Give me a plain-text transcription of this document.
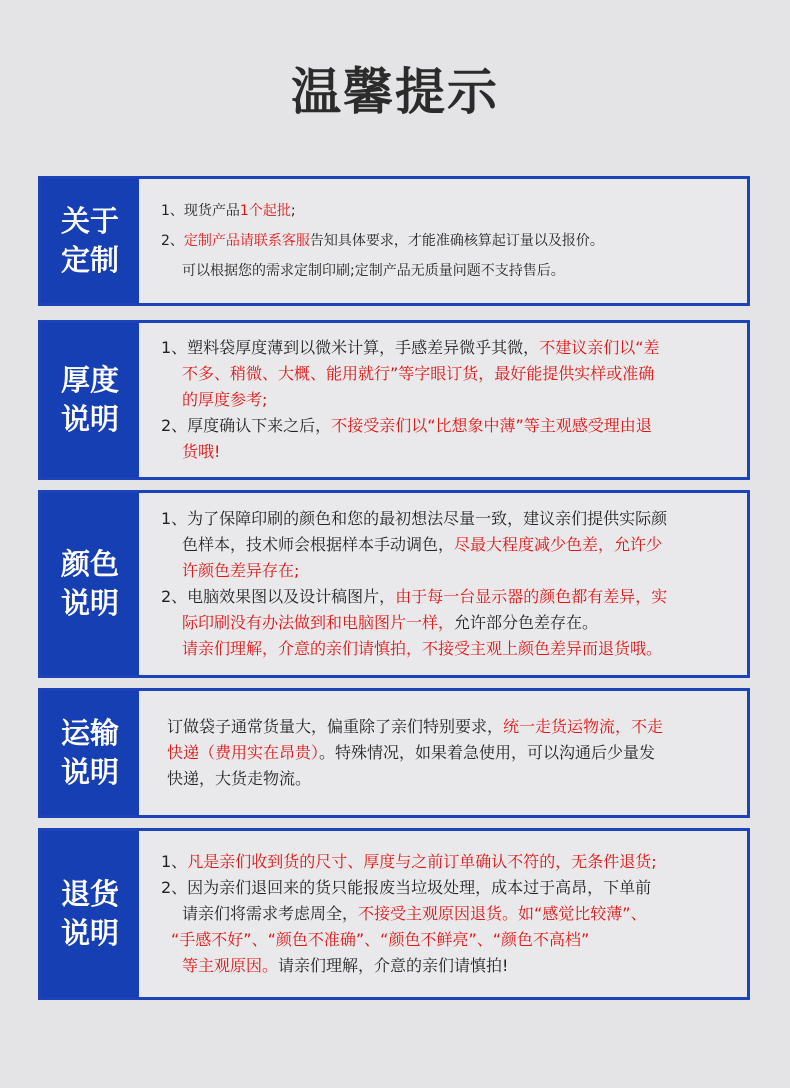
温馨提示
关于
定制
1、现货产品1个起批;
2、定制产品请联系客服告知具体要求，才能准确核算起订量以及报价。
可以根据您的需求定制印刷;定制产品无质量问题不支持售后。
厚度
说明
1、塑料袋厚度薄到以微米计算，手感差异微乎其微，不建议亲们以“差
不多、稍微、大概、能用就行”等字眼订货，最好能提供实样或准确
的厚度参考;
2、厚度确认下来之后，不接受亲们以“比想象中薄”等主观感受理由退
货哦!
颜色
说明
1、为了保障印刷的颜色和您的最初想法尽量一致，建议亲们提供实际颜
色样本，技术师会根据样本手动调色，尽最大程度减少色差，允许少
许颜色差异存在;
2、电脑效果图以及设计稿图片，由于每一台显示器的颜色都有差异，实
际印刷没有办法做到和电脑图片一样，允许部分色差存在。
请亲们理解，介意的亲们请慎拍，不接受主观上颜色差异而退货哦。
运输
说明
订做袋子通常货量大，偏重除了亲们特别要求，统一走货运物流，不走
快递（费用实在昂贵）。特殊情况，如果着急使用，可以沟通后少量发
快递，大货走物流。
退货
说明
1、凡是亲们收到货的尺寸、厚度与之前订单确认不符的，无条件退货;
2、因为亲们退回来的货只能报废当垃圾处理，成本过于高昂，下单前
请亲们将需求考虑周全，不接受主观原因退货。如“感觉比较薄”、
“手感不好”、“颜色不准确”、“颜色不鲜亮”、“颜色不高档”
等主观原因。请亲们理解，介意的亲们请慎拍!
